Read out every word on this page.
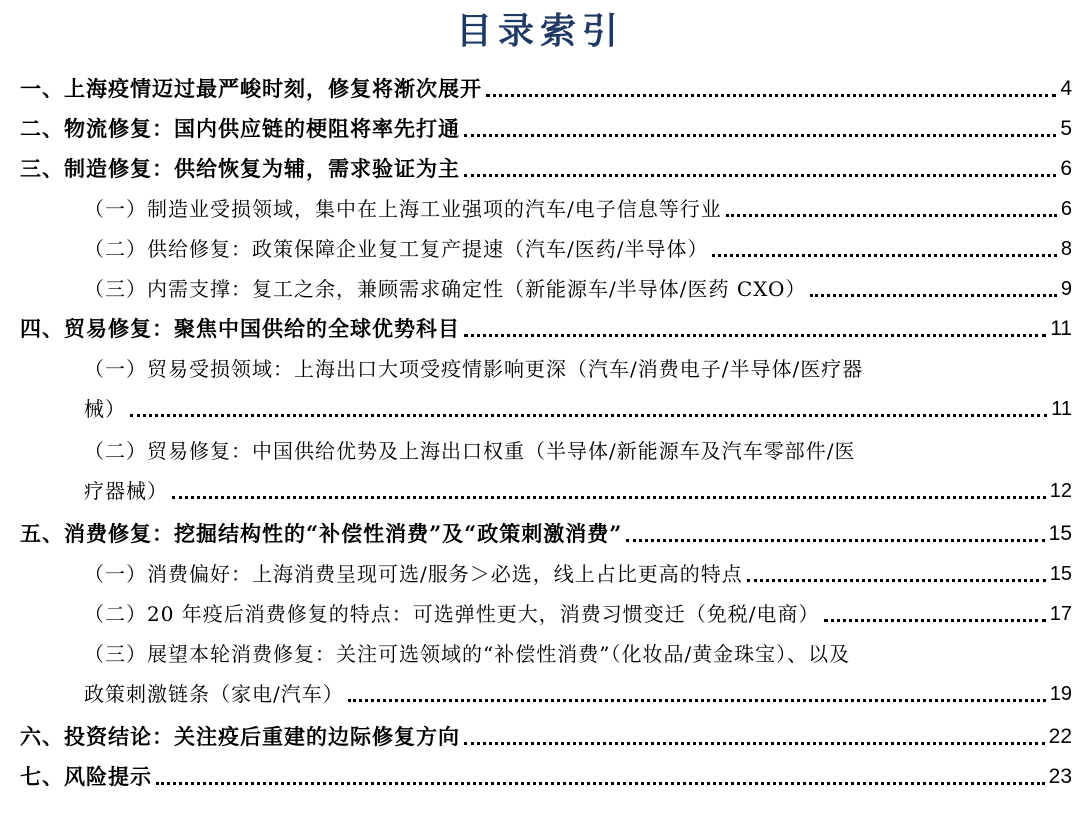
目录索引
一、上海疫情迈过最严峻时刻，修复将渐次展开	4
二、物流修复：国内供应链的梗阻将率先打通	5
三、制造修复：供给恢复为辅，需求验证为主	6
（一）制造业受损领域，集中在上海工业强项的汽车/电子信息等行业	6
（二）供给修复：政策保障企业复工复产提速（汽车/医药/半导体）	8
（三）内需支撑：复工之余，兼顾需求确定性（新能源车/半导体/医药 CXO）	9
四、贸易修复：聚焦中国供给的全球优势科目	11
（一）贸易受损领域：上海出口大项受疫情影响更深（汽车/消费电子/半导体/医疗器
械）	11
（二）贸易修复：中国供给优势及上海出口权重（半导体/新能源车及汽车零部件/医
疗器械）	12
五、消费修复：挖掘结构性的“补偿性消费”及“政策刺激消费”	15
（一）消费偏好：上海消费呈现可选/服务＞必选，线上占比更高的特点	15
（二）20 年疫后消费修复的特点：可选弹性更大，消费习惯变迁（免税/电商）	17
（三）展望本轮消费修复：关注可选领域的“补偿性消费”（化妆品/黄金珠宝）、以及
政策刺激链条（家电/汽车）	19
六、投资结论：关注疫后重建的边际修复方向	22
七、风险提示	23
